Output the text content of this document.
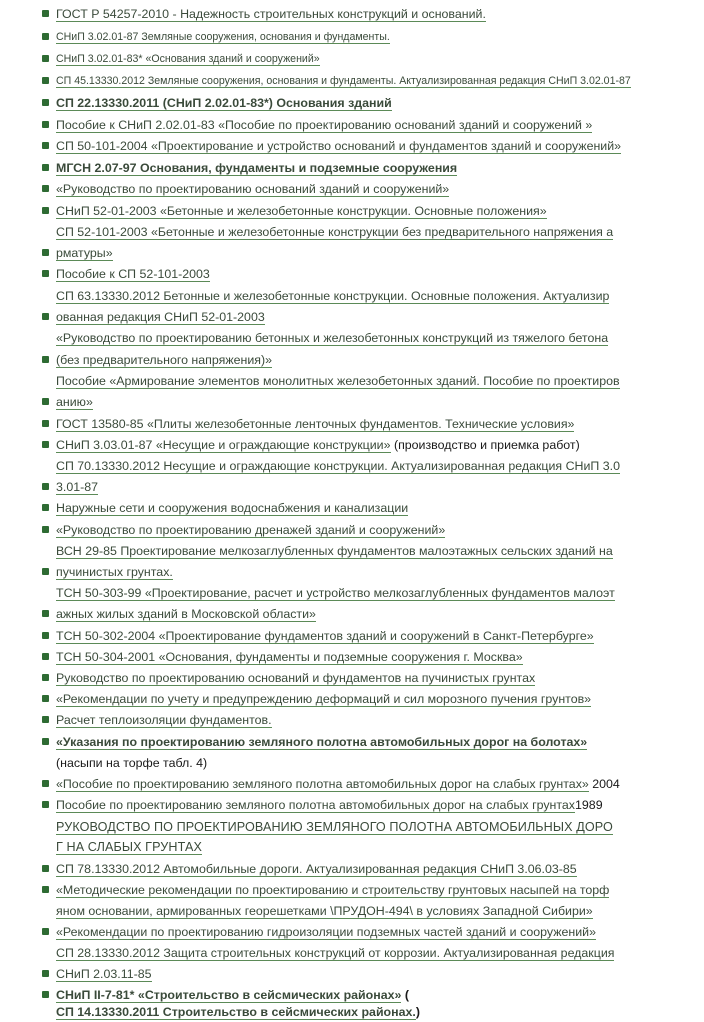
ГОСТ Р 54257-2010 - Надежность строительных конструкций и оснований.
СНиП 3.02.01-87 Земляные сооружения, основания и фундаменты.
СНиП 3.02.01-83* «Основания зданий и сооружений»
СП 45.13330.2012 Земляные сооружения, основания и фундаменты. Актуализированная редакция СНиП 3.02.01-87
СП 22.13330.2011 (СНиП 2.02.01-83*) Основания зданий
Пособие к СНиП 2.02.01-83 «Пособие по проектированию оснований зданий и сооружений »
СП 50-101-2004 «Проектирование и устройство оснований и фундаментов зданий и сооружений»
МГСН 2.07-97 Основания, фундаменты и подземные сооружения
«Руководство по проектированию оснований зданий и сооружений»
СНиП 52-01-2003 «Бетонные и железобетонные конструкции. Основные положения»
СП 52-101-2003 «Бетонные и железобетонные конструкции без предварительного напряжения а
рматуры»
Пособие к СП 52-101-2003
СП 63.13330.2012 Бетонные и железобетонные конструкции. Основные положения. Актуализир
ованная редакция СНиП 52-01-2003
«Руководство по проектированию бетонных и железобетонных конструкций из тяжелого бетона
(без предварительного напряжения)»
Пособие «Армирование элементов монолитных железобетонных зданий. Пособие по проектиров
анию»
ГОСТ 13580-85 «Плиты железобетонные ленточных фундаментов. Технические условия»
СНиП 3.03.01-87 «Несущие и ограждающие конструкции» (производство и приемка работ)
СП 70.13330.2012 Несущие и ограждающие конструкции. Актуализированная редакция СНиП 3.0
3.01-87
Наружные сети и сооружения водоснабжения и канализации
«Руководство по проектированию дренажей зданий и сооружений»
ВСН 29-85 Проектирование мелкозаглубленных фундаментов малоэтажных сельских зданий на
пучинистых грунтах.
ТСН 50-303-99 «Проектирование, расчет и устройство мелкозаглубленных фундаментов малоэт
ажных жилых зданий в Московской области»
ТСН 50-302-2004 «Проектирование фундаментов зданий и сооружений в Санкт-Петербурге»
ТСН 50-304-2001 «Основания, фундаменты и подземные сооружения г. Москва»
Руководство по проектированию оснований и фундаментов на пучинистых грунтах
«Рекомендации по учету и предупреждению деформаций и сил морозного пучения грунтов»
Расчет теплоизоляции фундаментов.
«Указания по проектированию земляного полотна автомобильных дорог на болотах»
(насыпи на торфе табл. 4)
«Пособие по проектированию земляного полотна автомобильных дорог на слабых грунтах» 2004
Пособие по проектированию земляного полотна автомобильных дорог на слабых грунтах1989
РУКОВОДСТВО ПО ПРОЕКТИРОВАНИЮ ЗЕМЛЯНОГО ПОЛОТНА АВТОМОБИЛЬНЫХ ДОРО
Г НА СЛАБЫХ ГРУНТАХ
СП 78.13330.2012 Автомобильные дороги. Актуализированная редакция СНиП 3.06.03-85
«Методические рекомендации по проектированию и строительству грунтовых насыпей на торф
яном основании, армированных георешетками \ПРУДОН-494\ в условиях Западной Сибири»
«Рекомендации по проектированию гидроизоляции подземных частей зданий и сооружений»
СП 28.13330.2012 Защита строительных конструкций от коррозии. Актуализированная редакция
СНиП 2.03.11-85
СНиП II-7-81* «Строительство в сейсмических районах» (
СП 14.13330.2011 Строительство в сейсмических районах.)
